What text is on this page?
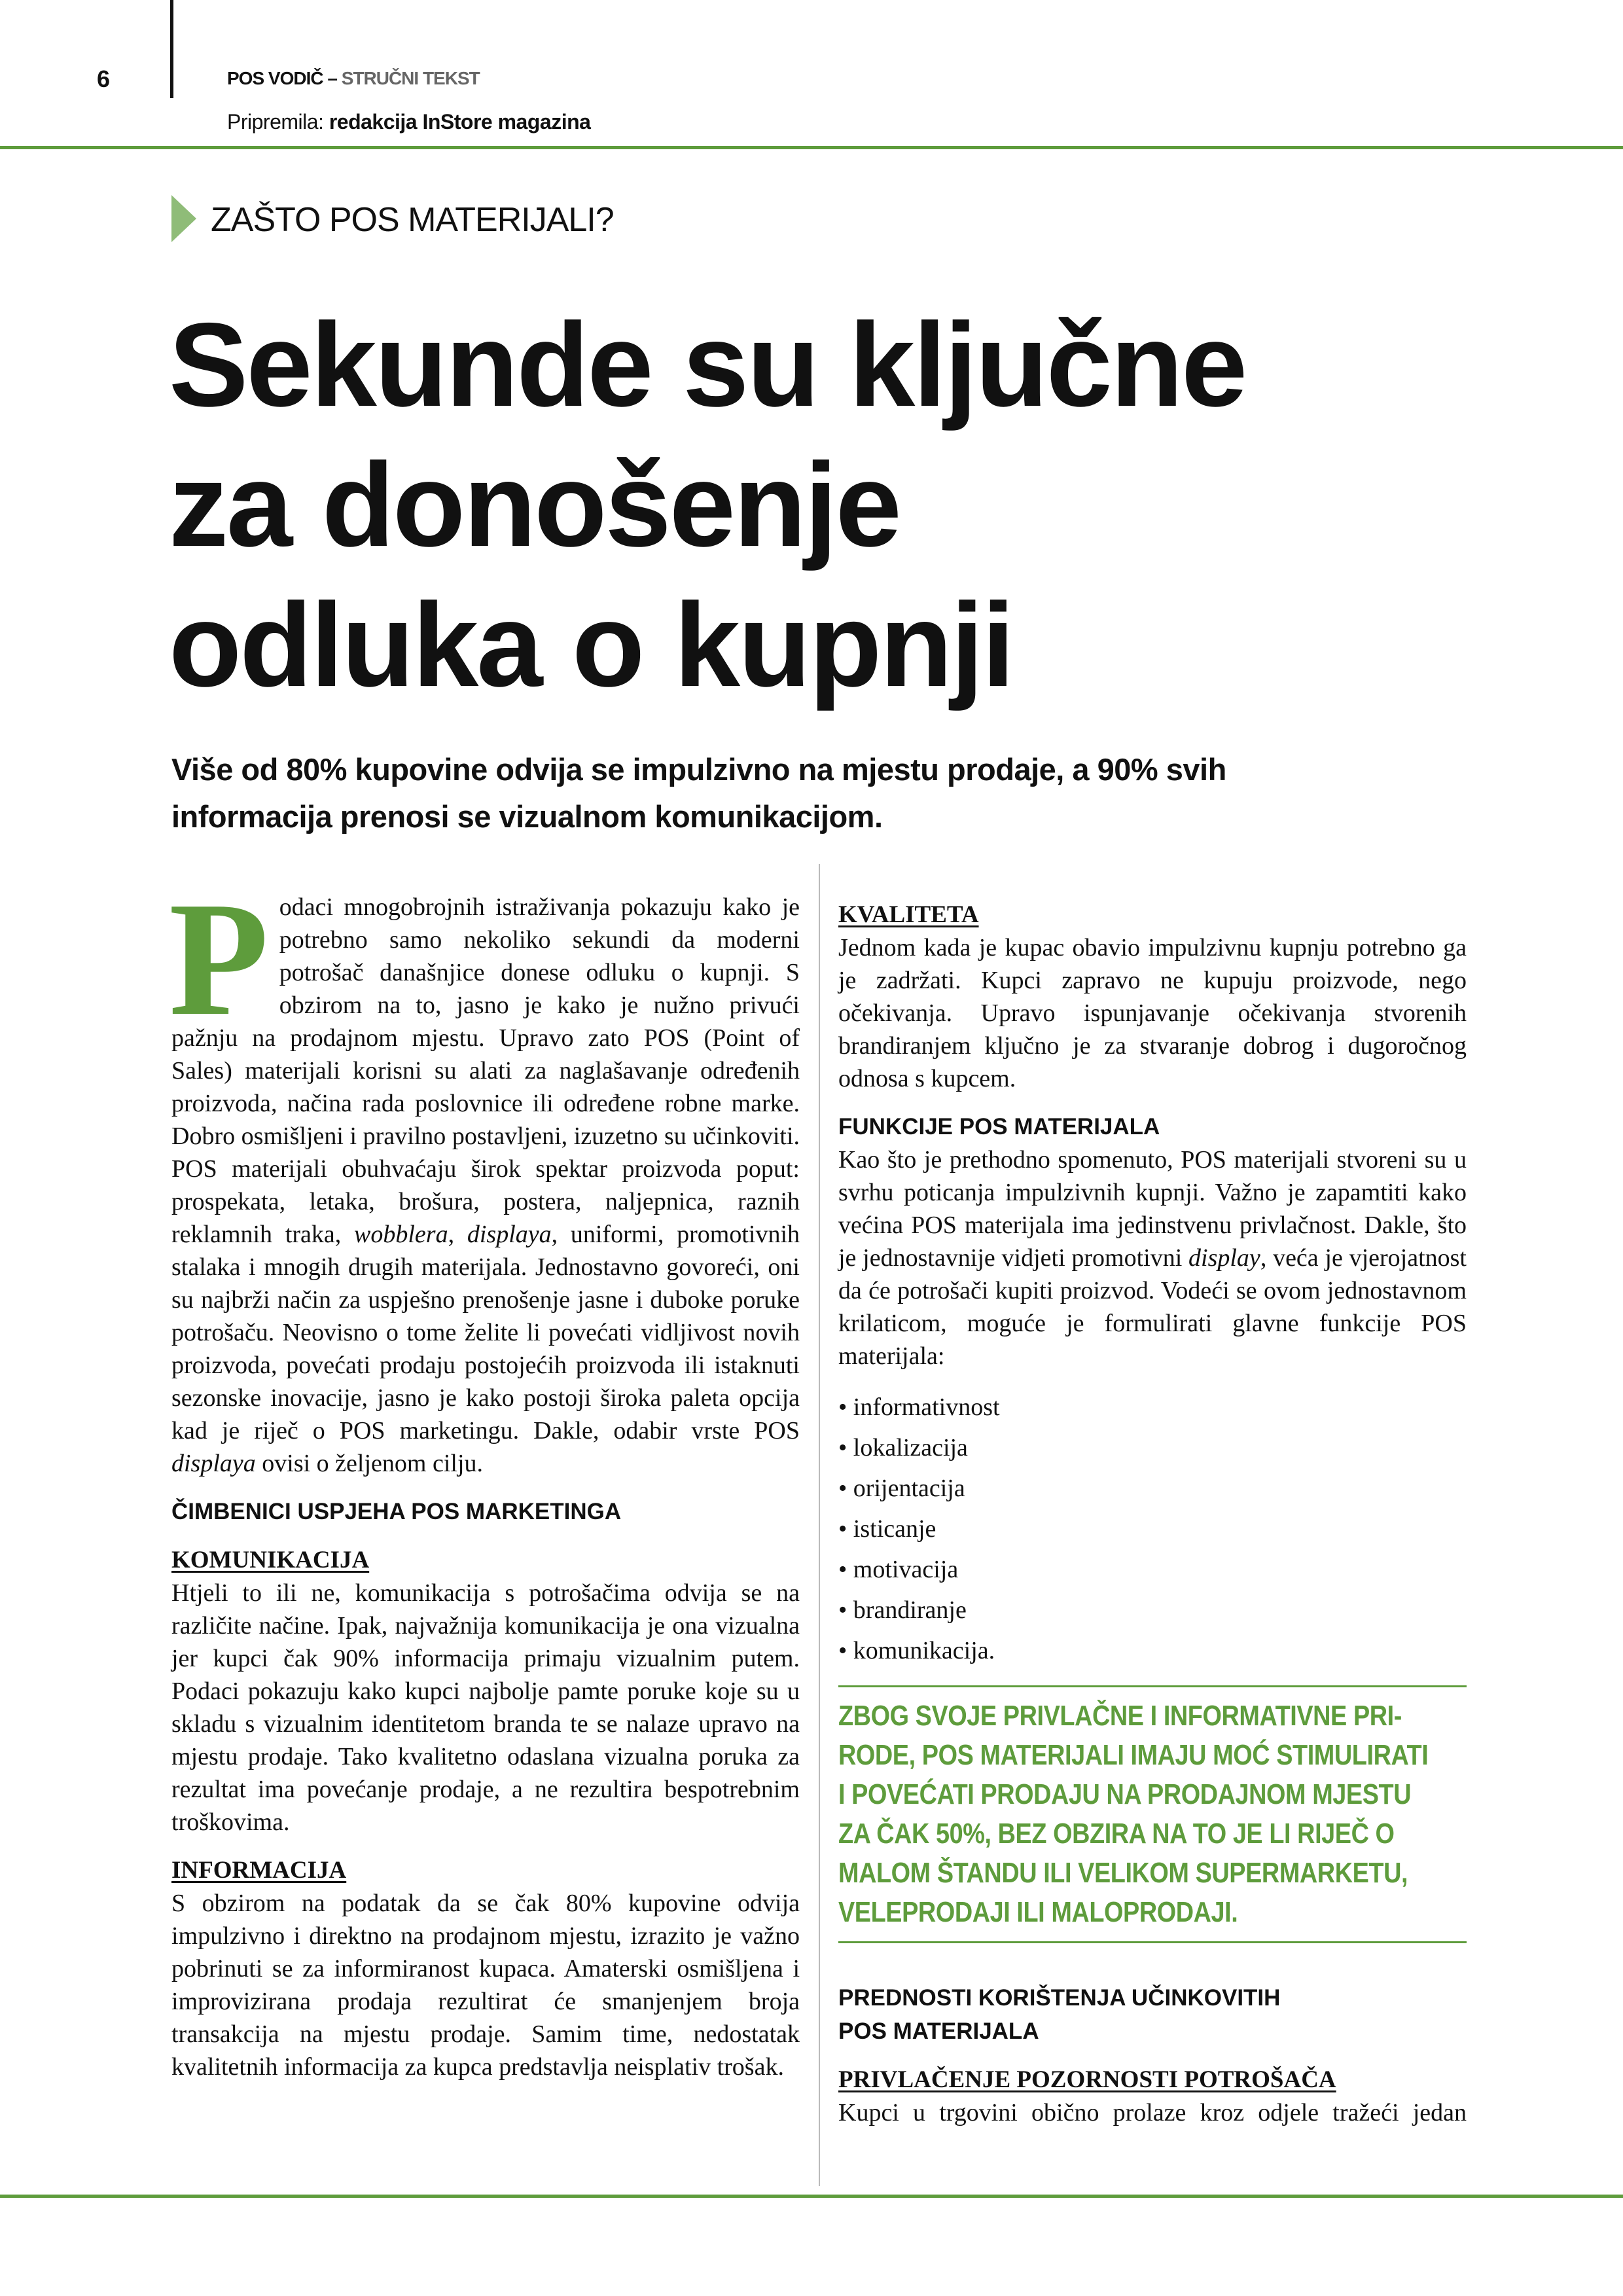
6	POS VODIČ – STRUČNI TEKST
Pripremila: redakcija InStore magazina
ZAŠTO POS MATERIJALI?
Sekunde su ključne
za donošenje
odluka o kupnji
Više od 80% kupovine odvija se impulzivno na mjestu prodaje, a 90% svih
informacija prenosi se vizualnom komunikacijom.

Podaci mnogobrojnih istraživanja pokazuju kako je potrebno samo nekoliko sekundi da moderni potrošač današnjice donese odluku o kupnji. S obzirom na to, jasno je kako je nužno privući pažnju na prodajnom mjestu. Upravo zato POS (Point of Sales) materijali korisni su alati za naglašavanje određenih proizvoda, načina rada poslovnice ili određene robne marke. Dobro osmišljeni i pravilno postavljeni, izuzetno su učinkoviti. POS materijali obuhvaćaju širok spektar proizvoda poput: prospekata, letaka, brošura, postera, naljepnica, raznih reklamnih traka, wobblera, displaya, uniformi, promotivnih stalaka i mnogih drugih materijala. Jednostavno govoreći, oni su najbrži način za uspješno prenošenje jasne i duboke poruke potrošaču. Neovisno o tome želite li povećati vidljivost novih proizvoda, povećati prodaju postojećih proizvoda ili istaknuti sezonske inovacije, jasno je kako postoji široka paleta opcija kad je riječ o POS marketingu. Dakle, odabir vrste POS displaya ovisi o željenom cilju.

ČIMBENICI USPJEHA POS MARKETINGA
KOMUNIKACIJA

Htjeli to ili ne, komunikacija s potrošačima odvija se na različite načine. Ipak, najvažnija komunikacija je ona vizualna jer kupci čak 90% informacija primaju vizualnim putem. Podaci pokazuju kako kupci najbolje pamte poruke koje su u skladu s vizualnim identitetom branda te se nalaze upravo na mjestu prodaje. Tako kvalitetno odaslana vizualna poruka za rezultat ima povećanje prodaje, a ne rezultira bespotrebnim troškovima.

INFORMACIJA

S obzirom na podatak da se čak 80% kupovine odvija impulzivno i direktno na prodajnom mjestu, izrazito je važno pobrinuti se za informiranost kupaca. Amaterski osmišljena i improvizirana prodaja rezultirat će smanjenjem broja transakcija na mjestu prodaje. Samim time, nedostatak kvalitetnih informacija za kupca predstavlja neisplativ trošak.

KVALITETA

Jednom kada je kupac obavio impulzivnu kupnju potrebno ga je zadržati. Kupci zapravo ne kupuju proizvode, nego očekivanja. Upravo ispunjavanje očekivanja stvorenih brandiranjem ključno je za stvaranje dobrog i dugoročnog odnosa s kupcem.

FUNKCIJE POS MATERIJALA

Kao što je prethodno spomenuto, POS materijali stvoreni su u svrhu poticanja impulzivnih kupnji. Važno je zapamtiti kako većina POS materijala ima jedinstvenu privlačnost. Dakle, što je jednostavnije vidjeti promotivni display, veća je vjerojatnost da će potrošači kupiti proizvod. Vodeći se ovom jednostavnom krilaticom, moguće je formulirati glavne funkcije POS materijala:

• informativnost
• lokalizacija
• orijentacija
• isticanje
• motivacija
• brandiranje
• komunikacija.
ZBOG SVOJE PRIVLAČNE I INFORMATIVNE PRI-
RODE, POS MATERIJALI IMAJU MOĆ STIMULIRATI
I POVEĆATI PRODAJU NA PRODAJNOM MJESTU
ZA ČAK 50%, BEZ OBZIRA NA TO JE LI RIJEČ O
MALOM ŠTANDU ILI VELIKOM SUPERMARKETU,
VELEPRODAJI ILI MALOPRODAJI.
PREDNOSTI KORIŠTENJA UČINKOVITIH
POS MATERIJALA
PRIVLAČENJE POZORNOSTI POTROŠAČA

Kupci u trgovini obično prolaze kroz odjele tražeći jedan
